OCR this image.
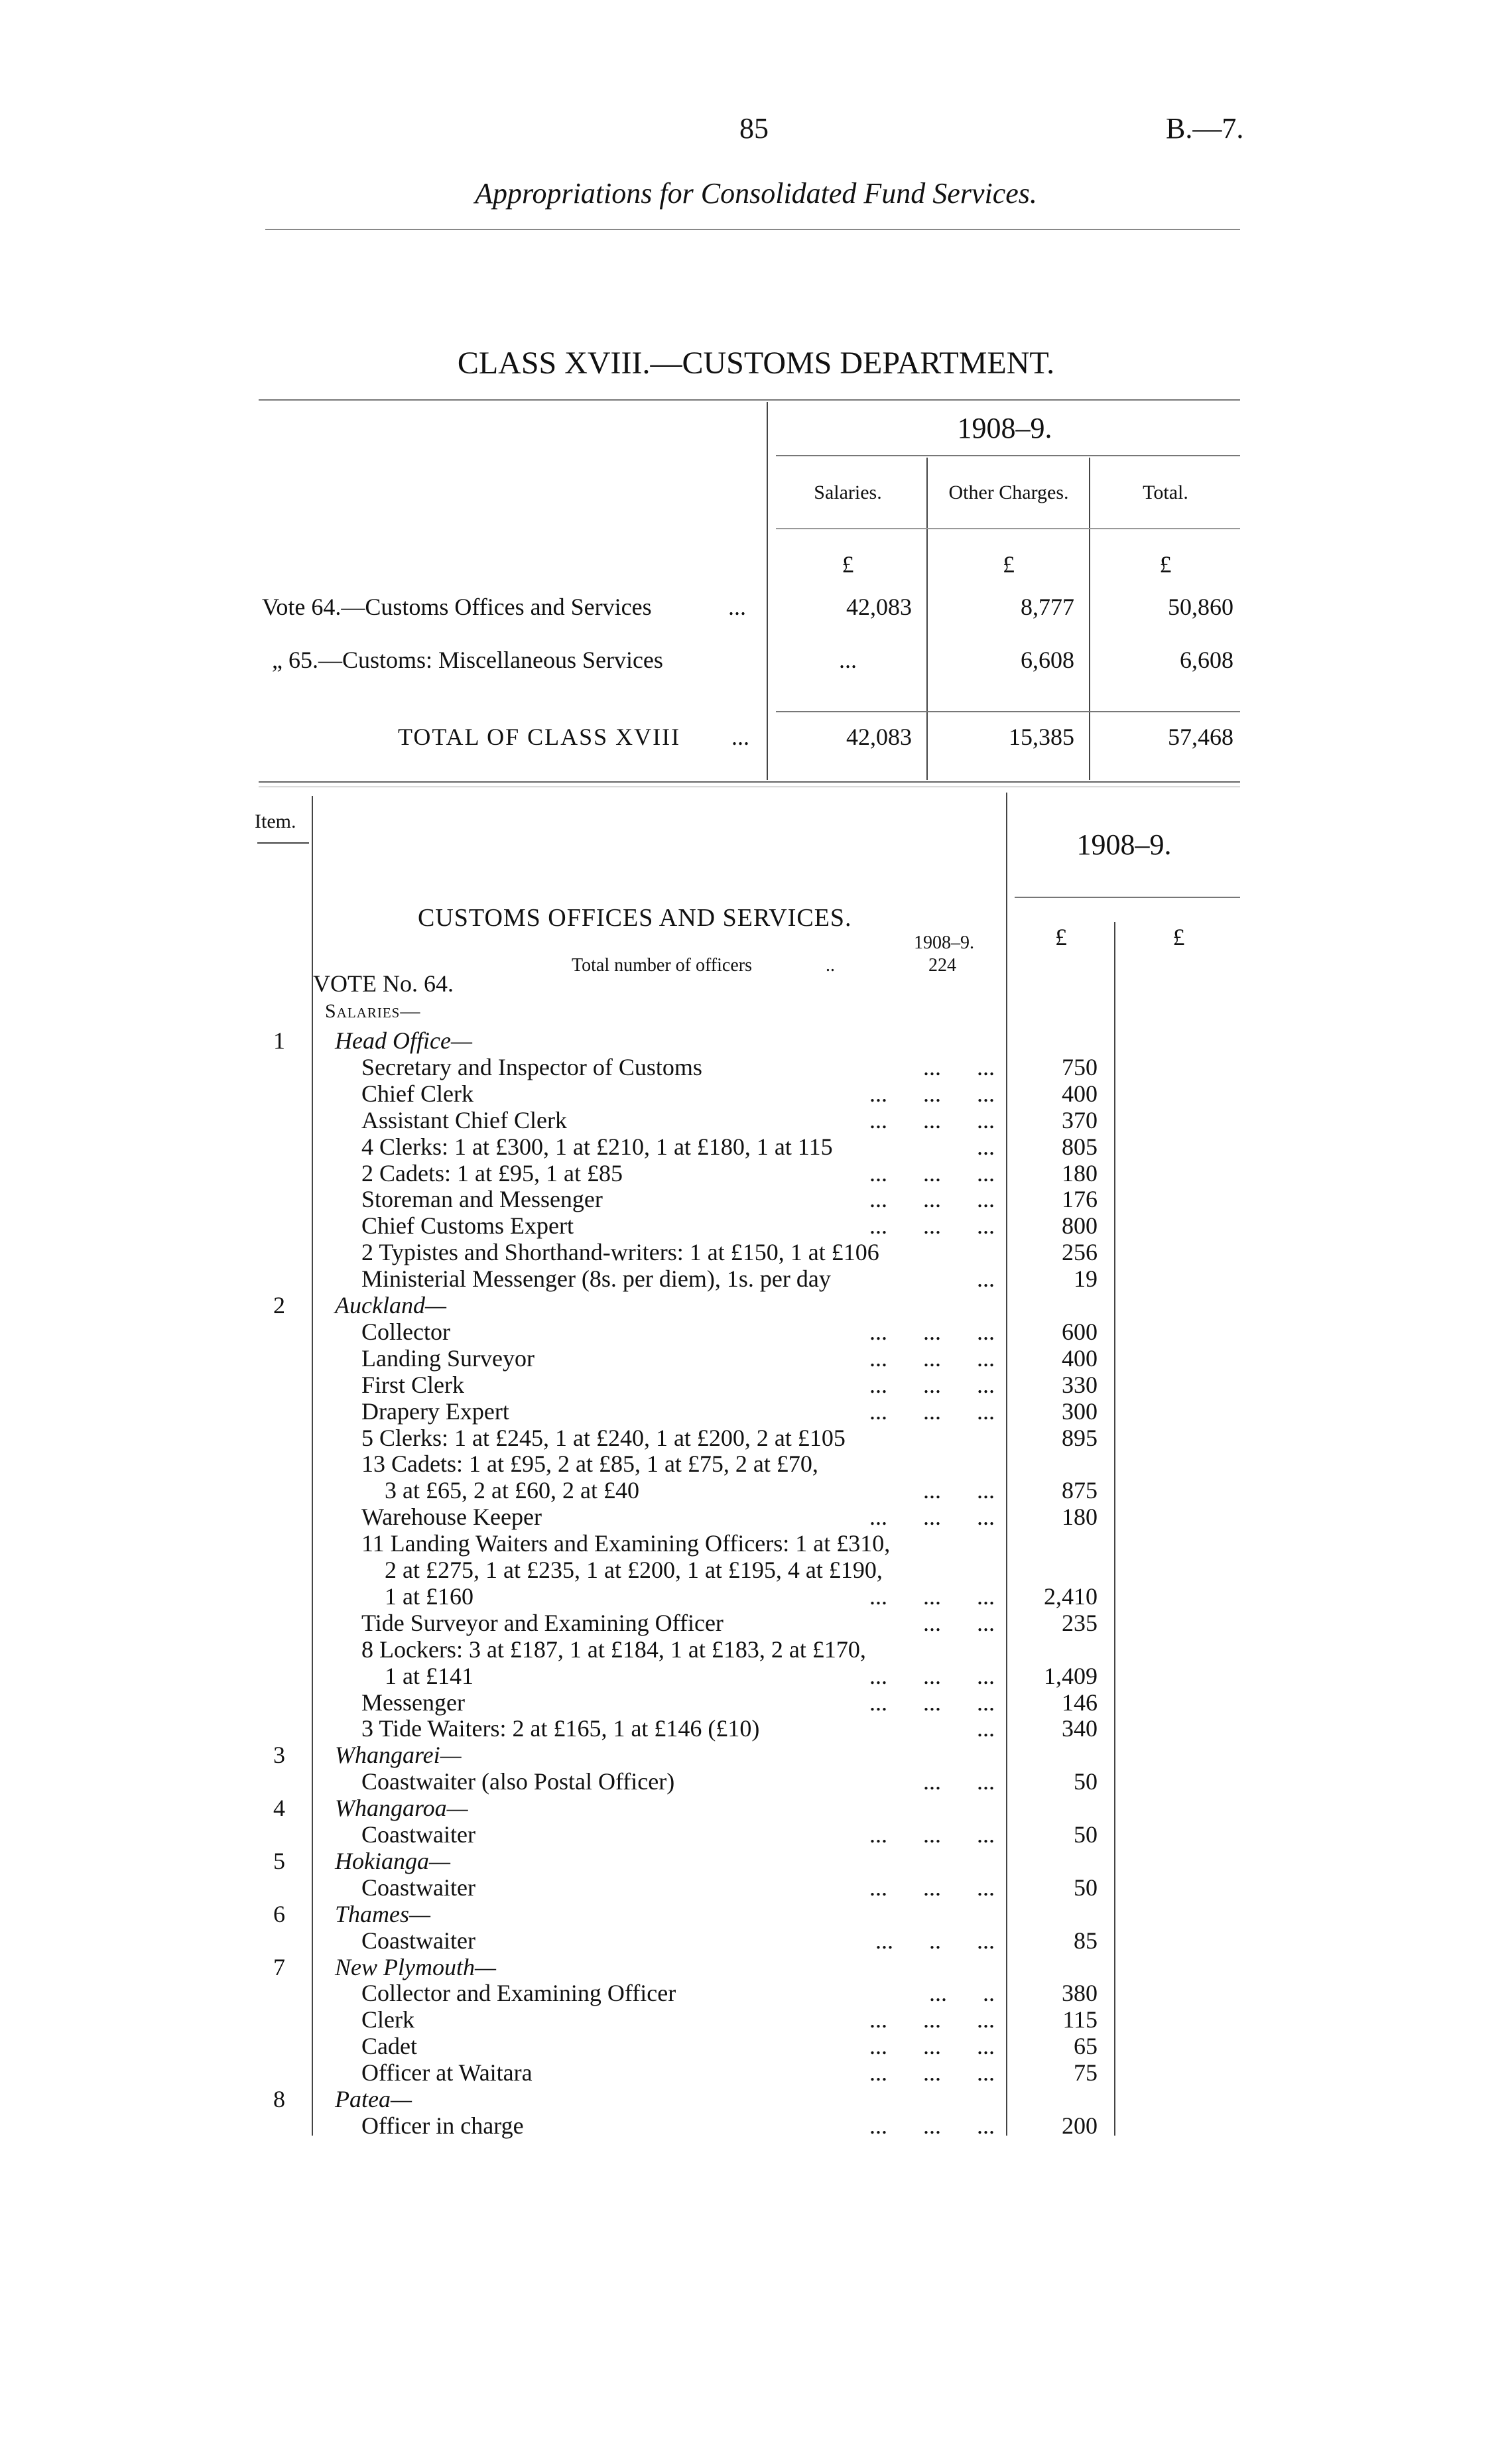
85	B.—7.
Appropriations for Consolidated Fund Services.
CLASS XVIII.—CUSTOMS DEPARTMENT.
1908–9.
Salaries.	Other Charges.	Total.
£	£	£
Vote 64.—Customs Offices and Services	...	42,083	8,777	50,860
„ 65.—Customs: Miscellaneous Services	...	6,608	6,608
TOTAL OF CLASS XVIII ...	42,083	15,385	57,468
Item.
1908–9.
£	£
CUSTOMS OFFICES AND SERVICES.
1908–9.
Total number of officers	..	224
VOTE No. 64.
Salaries—
1 Head Office—
Secretary and Inspector of Customs	...      ...	750
Chief Clerk	...      ...      ...	400
Assistant Chief Clerk	...      ...      ...	370
4 Clerks: 1 at £300, 1 at £210, 1 at £180, 1 at 115	...	805
2 Cadets: 1 at £95, 1 at £85	...      ...      ...	180
Storeman and Messenger	...      ...      ...	176
Chief Customs Expert	...      ...      ...	800
2 Typistes and Shorthand-writers: 1 at £150, 1 at £106	256
Ministerial Messenger (8s. per diem), 1s. per day	...	19
2 Auckland—
Collector	...      ...      ...	600
Landing Surveyor	...      ...      ...	400
First Clerk	...      ...      ...	330
Drapery Expert	...      ...      ...	300
5 Clerks: 1 at £245, 1 at £240, 1 at £200, 2 at £105	895
13 Cadets: 1 at £95, 2 at £85, 1 at £75, 2 at £70,
3 at £65, 2 at £60, 2 at £40	...      ...	875
Warehouse Keeper	...      ...      ...	180
11 Landing Waiters and Examining Officers: 1 at £310,
2 at £275, 1 at £235, 1 at £200, 1 at £195, 4 at £190,
1 at £160	...      ...      ...	2,410
Tide Surveyor and Examining Officer	...      ...	235
8 Lockers: 3 at £187, 1 at £184, 1 at £183, 2 at £170,
1 at £141	...      ...      ...	1,409
Messenger	...      ...      ...	146
3 Tide Waiters: 2 at £165, 1 at £146 (£10)	...	340
3 Whangarei—
Coastwaiter (also Postal Officer)	...      ...	50
4 Whangaroa—
Coastwaiter	...      ...      ...	50
5 Hokianga—
Coastwaiter	...      ...      ...	50
6 Thames—
Coastwaiter	...      ..      ...	85
7 New Plymouth—
Collector and Examining Officer	...      ..	380
Clerk	...      ...      ...	115
Cadet	...      ...      ...	65
Officer at Waitara	...      ...      ...	75
8 Patea—
Officer in charge	...      ...      ...	200
